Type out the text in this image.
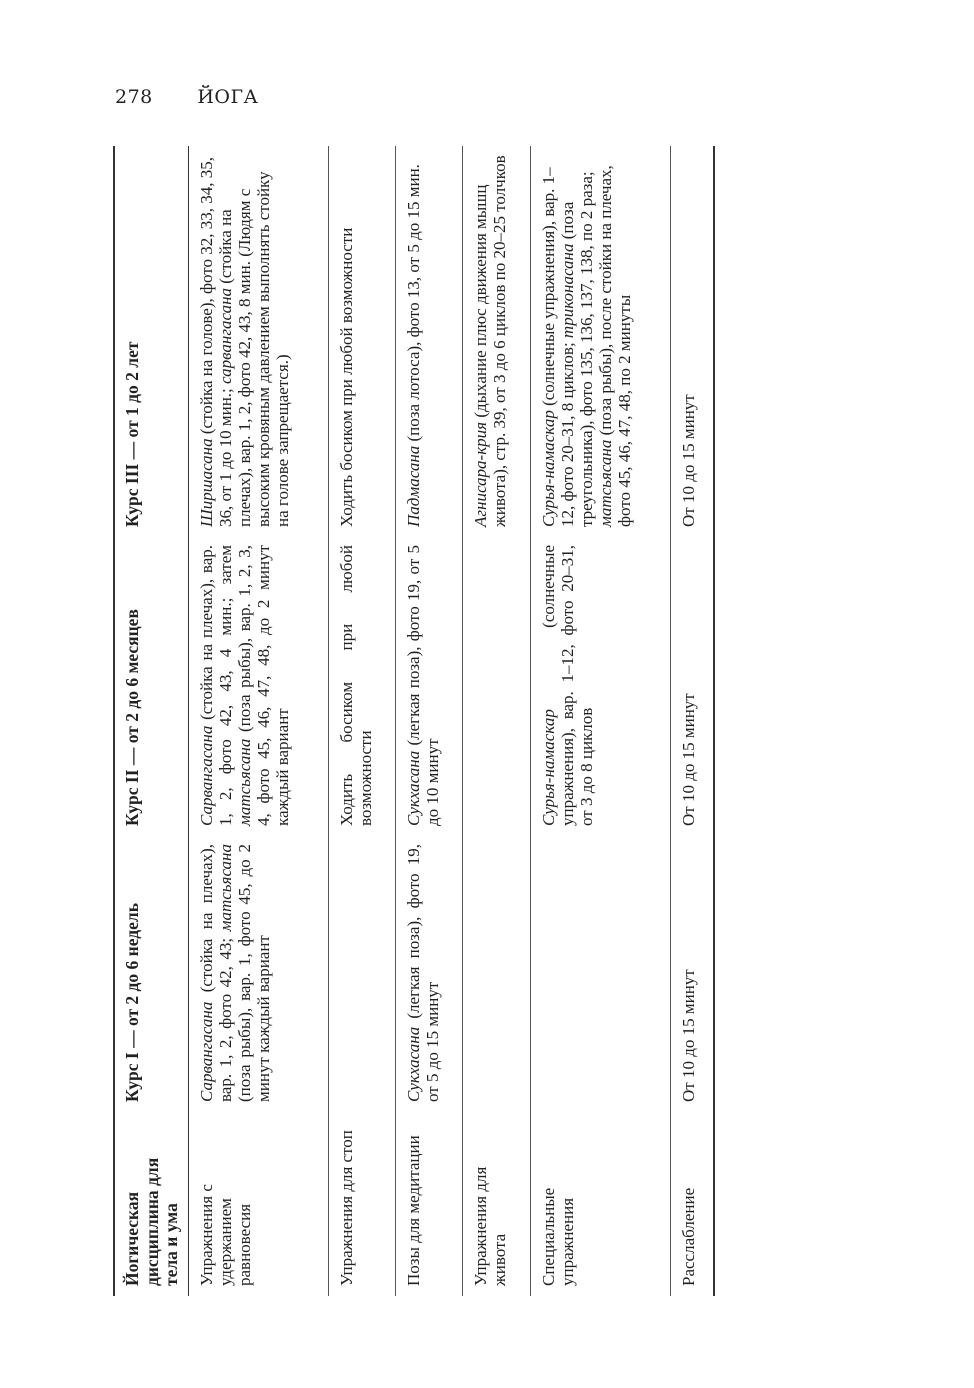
278 ЙОГА
Йогическая дисциплина для тела и ума	Курс I — от 2 до 6 недель	Курс II — от 2 до 6 месяцев	Курс III — от 1 до 2 лет
Упражнения с удержанием равновесия	Сарвангасана (стойка на плечах), вар. 1, 2, фото 42, 43; матсьясана (поза рыбы), вар. 1, фото 45, до 2 минут каждый вариант	Сарвангасана (стойка на плечах), вар. 1, 2, фото 42, 43, 4 мин.; затем матсьясана (поза рыбы), вар. 1, 2, 3, 4, фото 45, 46, 47, 48, до 2 минут каждый вариант	Ширшасана (стойка на голове), фото 32, 33, 34, 35, 36, от 1 до 10 мин.; сарвангасана (стойка на плечах), вар. 1, 2, фото 42, 43, 8 мин. (Людям с высоким кровяным давлением выполнять стойку на голове запрещается.)
Упражнения для стоп		Ходить босиком при любой возможности	Ходить босиком при любой возможности
Позы для медитации	Сукхасана (легкая поза), фото 19, от 5 до 15 минут	Сукхасана (легкая поза), фото 19, от 5 до 10 минут	Падмасана (поза лотоса), фото 13, от 5 до 15 мин.
Упражнения для живота			Агнисара-крия (дыхание плюс движения мышц живота), стр. 39, от 3 до 6 циклов по 20–25 толчков
Специальные упражнения		Сурья-намаскар (солнечные упражнения), вар. 1–12, фото 20–31, от 3 до 8 циклов	Сурья-намаскар (солнечные упражнения), вар. 1–12, фото 20–31, 8 циклов; триконасана (поза треугольника), фото 135, 136, 137, 138, по 2 раза; матсьясана (поза рыбы), после стойки на плечах, фото 45, 46, 47, 48, по 2 минуты
Расслабление	От 10 до 15 минут	От 10 до 15 минут	От 10 до 15 минут
